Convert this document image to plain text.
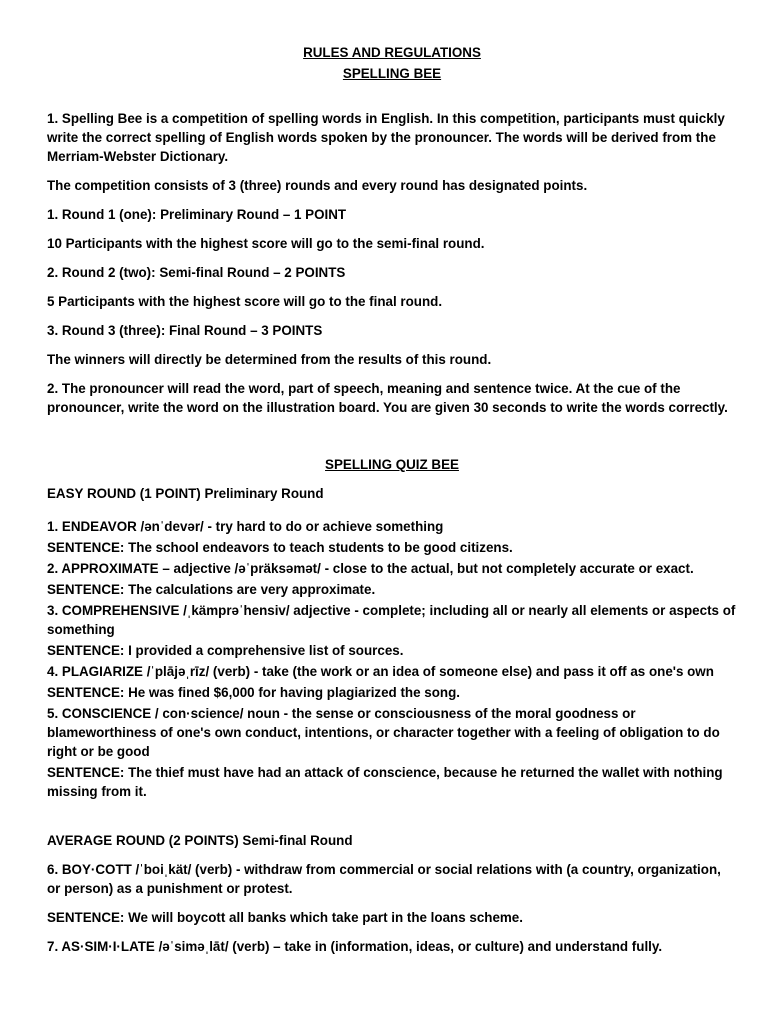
RULES AND REGULATIONS

SPELLING BEE

1. Spelling Bee is a competition of spelling words in English. In this competition, participants must quickly write the correct spelling of English words spoken by the pronouncer. The words will be derived from the Merriam-Webster Dictionary.

The competition consists of 3 (three) rounds and every round has designated points.

1. Round 1 (one): Preliminary Round – 1 POINT

10 Participants with the highest score will go to the semi-final round.

2. Round 2 (two): Semi-final Round – 2 POINTS

5 Participants with the highest score will go to the final round.

3. Round 3 (three): Final Round – 3 POINTS

The winners will directly be determined from the results of this round.

2. The pronouncer will read the word, part of speech, meaning and sentence twice. At the cue of the pronouncer, write the word on the illustration board. You are given 30 seconds to write the words correctly.

SPELLING QUIZ BEE

EASY ROUND (1 POINT) Preliminary Round

1. ENDEAVOR /ənˈdevər/ - try hard to do or achieve something

SENTENCE: The school endeavors to teach students to be good citizens.

2. APPROXIMATE – adjective /əˈpräksəmət/ - close to the actual, but not completely accurate or exact.

SENTENCE: The calculations are very approximate.

3. COMPREHENSIVE /ˌkämprəˈhensiv/ adjective - complete; including all or nearly all elements or aspects of something

SENTENCE: I provided a comprehensive list of sources.

4. PLAGIARIZE /ˈplājəˌrīz/ (verb) - take (the work or an idea of someone else) and pass it off as one's own

SENTENCE: He was fined $6,000 for having plagiarized the song.

5. CONSCIENCE / con·science/ noun - the sense or consciousness of the moral goodness or blameworthiness of one's own conduct, intentions, or character together with a feeling of obligation to do right or be good

SENTENCE: The thief must have had an attack of conscience, because he returned the wallet with nothing missing from it.

AVERAGE ROUND (2 POINTS) Semi-final Round

6. BOY·COTT /ˈboiˌkät/ (verb) - withdraw from commercial or social relations with (a country, organization, or person) as a punishment or protest.

SENTENCE: We will boycott all banks which take part in the loans scheme.

7. AS·SIM·I·LATE /əˈsiməˌlāt/ (verb) – take in (information, ideas, or culture) and understand fully.
